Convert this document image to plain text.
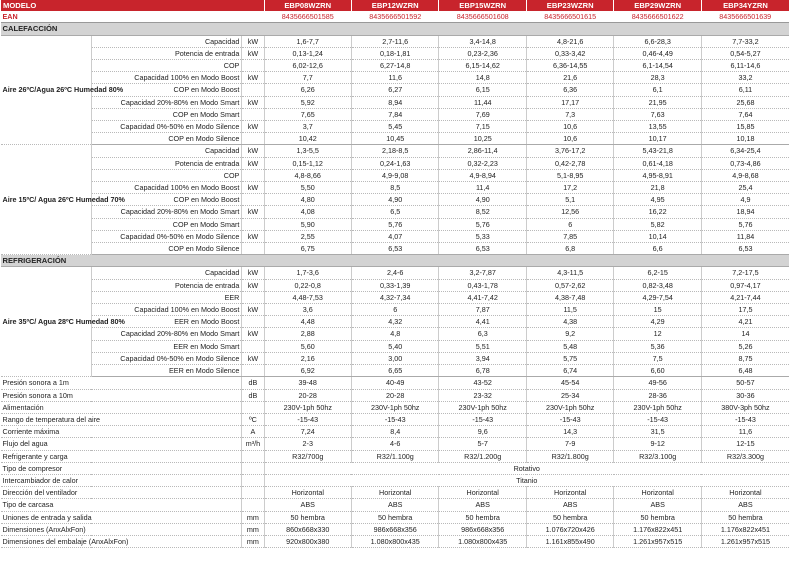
MODELO			EBP08WZRN	EBP12WZRN	EBP15WZRN	EBP23WZRN	EBP29WZRN	EBP34YZRN
EAN			8435666501585	8435666501592	8435666501608	8435666501615	8435666501622	8435666501639
CALEFACCIÓN								
Aire 26ºC/Agua 26ºC Humedad 80%	Capacidad	kW	1,6-7,7	2,7-11,6	3,4-14,8	4,8-21,6	6,6-28,3	7,7-33,2
	Potencia de entrada	kW	0,13-1,24	0,18-1,81	0,23-2,36	0,33-3,42	0,46-4,49	0,54-5,27
	COP		6,02-12,6	6,27-14,8	6,15-14,62	6,36-14,55	6,1-14,54	6,11-14,6
	Capacidad 100% en Modo Boost	kW	7,7	11,6	14,8	21,6	28,3	33,2
	COP en Modo Boost		6,26	6,27	6,15	6,36	6,1	6,11
	Capacidad 20%-80% en Modo Smart	kW	5,92	8,94	11,44	17,17	21,95	25,68
	COP en Modo Smart		7,65	7,84	7,69	7,3	7,63	7,64
	Capacidad 0%-50% en Modo Silence	kW	3,7	5,45	7,15	10,6	13,55	15,85
	COP en Modo Silence		10,42	10,45	10,25	10,6	10,17	10,18
Aire 15ºC/ Agua 26ºC Humedad 70%	Capacidad	kW	1,3-5,5	2,18-8,5	2,86-11,4	3,76-17,2	5,43-21,8	6,34-25,4
	Potencia de entrada	kW	0,15-1,12	0,24-1,63	0,32-2,23	0,42-2,78	0,61-4,18	0,73-4,86
	COP		4,8-8,66	4,9-9,08	4,9-8,94	5,1-8,95	4,95-8,91	4,9-8,68
	Capacidad 100% en Modo Boost	kW	5,50	8,5	11,4	17,2	21,8	25,4
	COP en Modo Boost		4,80	4,90	4,90	5,1	4,95	4,9
	Capacidad 20%-80% en Modo Smart	kW	4,08	6,5	8,52	12,56	16,22	18,94
	COP en Modo Smart		5,90	5,76	5,76	6	5,82	5,76
	Capacidad 0%-50% en Modo Silence	kW	2,55	4,07	5,33	7,85	10,14	11,84
	COP en Modo Silence		6,75	6,53	6,53	6,8	6,6	6,53
REFRIGERACIÓN								
Aire 35ºC/ Agua 28ºC Humedad 80%	Capacidad	kW	1,7-3,6	2,4-6	3,2-7,87	4,3-11,5	6,2-15	7,2-17,5
	Potencia de entrada	kW	0,22-0,8	0,33-1,39	0,43-1,78	0,57-2,62	0,82-3,48	0,97-4,17
	EER		4,48-7,53	4,32-7,34	4,41-7,42	4,38-7,48	4,29-7,54	4,21-7,44
	Capacidad 100% en Modo Boost	kW	3,6	6	7,87	11,5	15	17,5
	EER en Modo Boost		4,48	4,32	4,41	4,38	4,29	4,21
	Capacidad 20%-80% en Modo Smart	kW	2,88	4,8	6,3	9,2	12	14
	EER en Modo Smart		5,60	5,40	5,51	5,48	5,36	5,26
	Capacidad 0%-50% en Modo Silence	kW	2,16	3,00	3,94	5,75	7,5	8,75
	EER en Modo Silence		6,92	6,65	6,78	6,74	6,60	6,48
Presión sonora a 1m		dB	39-48	40-49	43-52	45-54	49-56	50-57
Presión sonora a 10m		dB	20-28	20-28	23-32	25-34	28-36	30-36
Alimentación			230V-1ph 50hz	230V-1ph 50hz	230V-1ph 50hz	230V-1ph 50hz	230V-1ph 50hz	380V-3ph 50hz
Rango de temperatura del aire		ºC	-15-43	-15-43	-15-43	-15-43	-15-43	-15-43
Corriente máxima		A	7,24	8,4	9,6	14,3	31,5	11,6
Flujo del agua		m³/h	2-3	4-6	5-7	7-9	9-12	12-15
Refrigerante y carga			R32/700g	R32/1.100g	R32/1.200g	R32/1.800g	R32/3.100g	R32/3.300g
Tipo de compresor			Rotativo					
Intercambiador de calor			Titanio					
Dirección del ventilador			Horizontal	Horizontal	Horizontal	Horizontal	Horizontal	Horizontal
Tipo de carcasa			ABS	ABS	ABS	ABS	ABS	ABS
Uniones de entrada y salida		mm	50 hembra	50 hembra	50 hembra	50 hembra	50 hembra	50 hembra
Dimensiones (AnxAlxFon)		mm	860x668x330	986x668x356	986x668x356	1.076x720x426	1.176x822x451	1.176x822x451
Dimensiones del embalaje (AnxAlxFon)		mm	920x800x380	1.080x800x435	1.080x800x435	1.161x855x490	1.261x957x515	1.261x957x515
